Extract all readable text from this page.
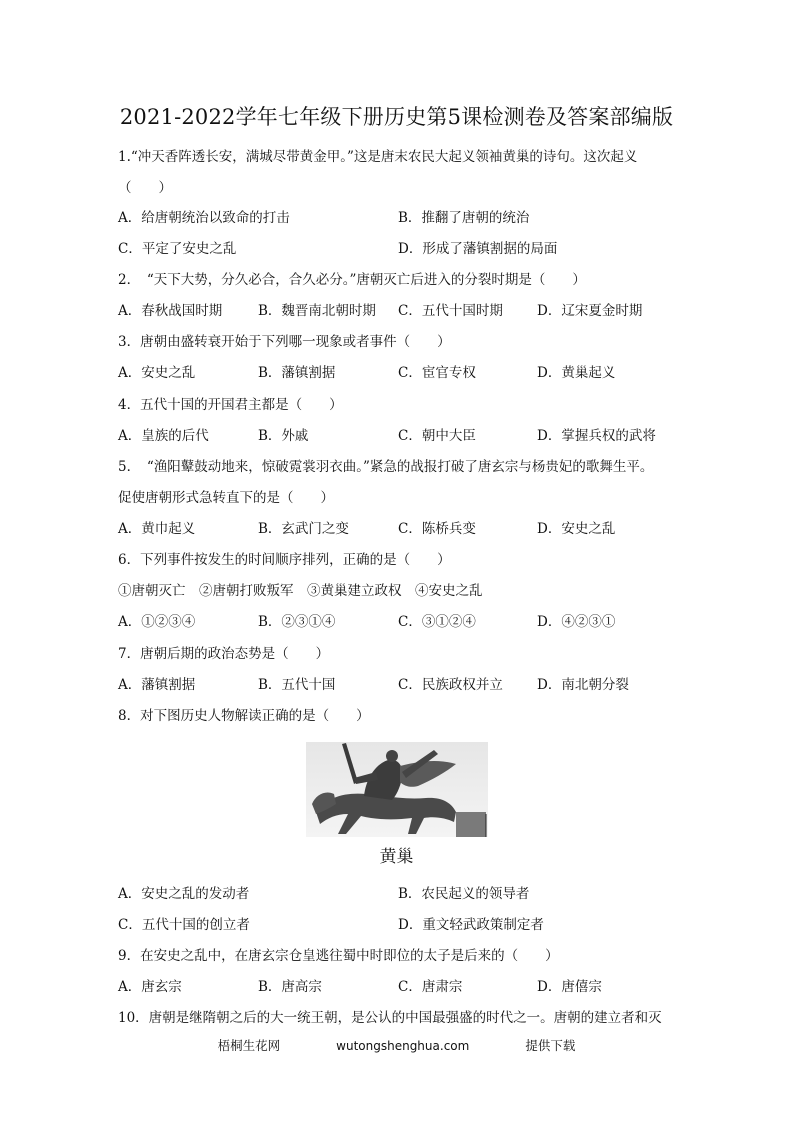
2021-2022学年七年级下册历史第5课检测卷及答案部编版
1.“冲天香阵透长安，满城尽带黄金甲。”这是唐末农民大起义领袖黄巢的诗句。这次起义
（　　）
A．给唐朝统治以致命的打击	B．推翻了唐朝的统治
C．平定了安史之乱	D．形成了藩镇割据的局面
2．　“天下大势，分久必合，合久必分。”唐朝灭亡后进入的分裂时期是（　　）
A．春秋战国时期	B．魏晋南北朝时期 C．五代十国时期	D．辽宋夏金时期
3．唐朝由盛转衰开始于下列哪一现象或者事件（　　）
A．安史之乱	B．藩镇割据	C．宦官专权	D．黄巢起义
4．五代十国的开国君主都是（　　）
A．皇族的后代	B．外戚	C．朝中大臣	D．掌握兵权的武将
5．　“渔阳鼙鼓动地来，惊破霓裳羽衣曲。”紧急的战报打破了唐玄宗与杨贵妃的歌舞生平。
促使唐朝形式急转直下的是（　　）
A．黄巾起义	B．玄武门之变	C．陈桥兵变	D．安史之乱
6．下列事件按发生的时间顺序排列，正确的是（　　）
①唐朝灭亡　②唐朝打败叛军　③黄巢建立政权　④安史之乱
A．①②③④	B．②③①④	C．③①②④	D．④②③①
7．唐朝后期的政治态势是（　　）
A．藩镇割据	B．五代十国	C．民族政权并立	D．南北朝分裂
8．对下图历史人物解读正确的是（　　）
黄巢
A．安史之乱的发动者	B．农民起义的领导者
C．五代十国的创立者	D．重文轻武政策制定者
9．在安史之乱中，在唐玄宗仓皇逃往蜀中时即位的太子是后来的（　　）
A．唐玄宗	B．唐高宗	C．唐肃宗	D．唐僖宗
10．唐朝是继隋朝之后的大一统王朝，是公认的中国最强盛的时代之一。唐朝的建立者和灭
梧桐生花网	wutongshenghua.com	提供下载
